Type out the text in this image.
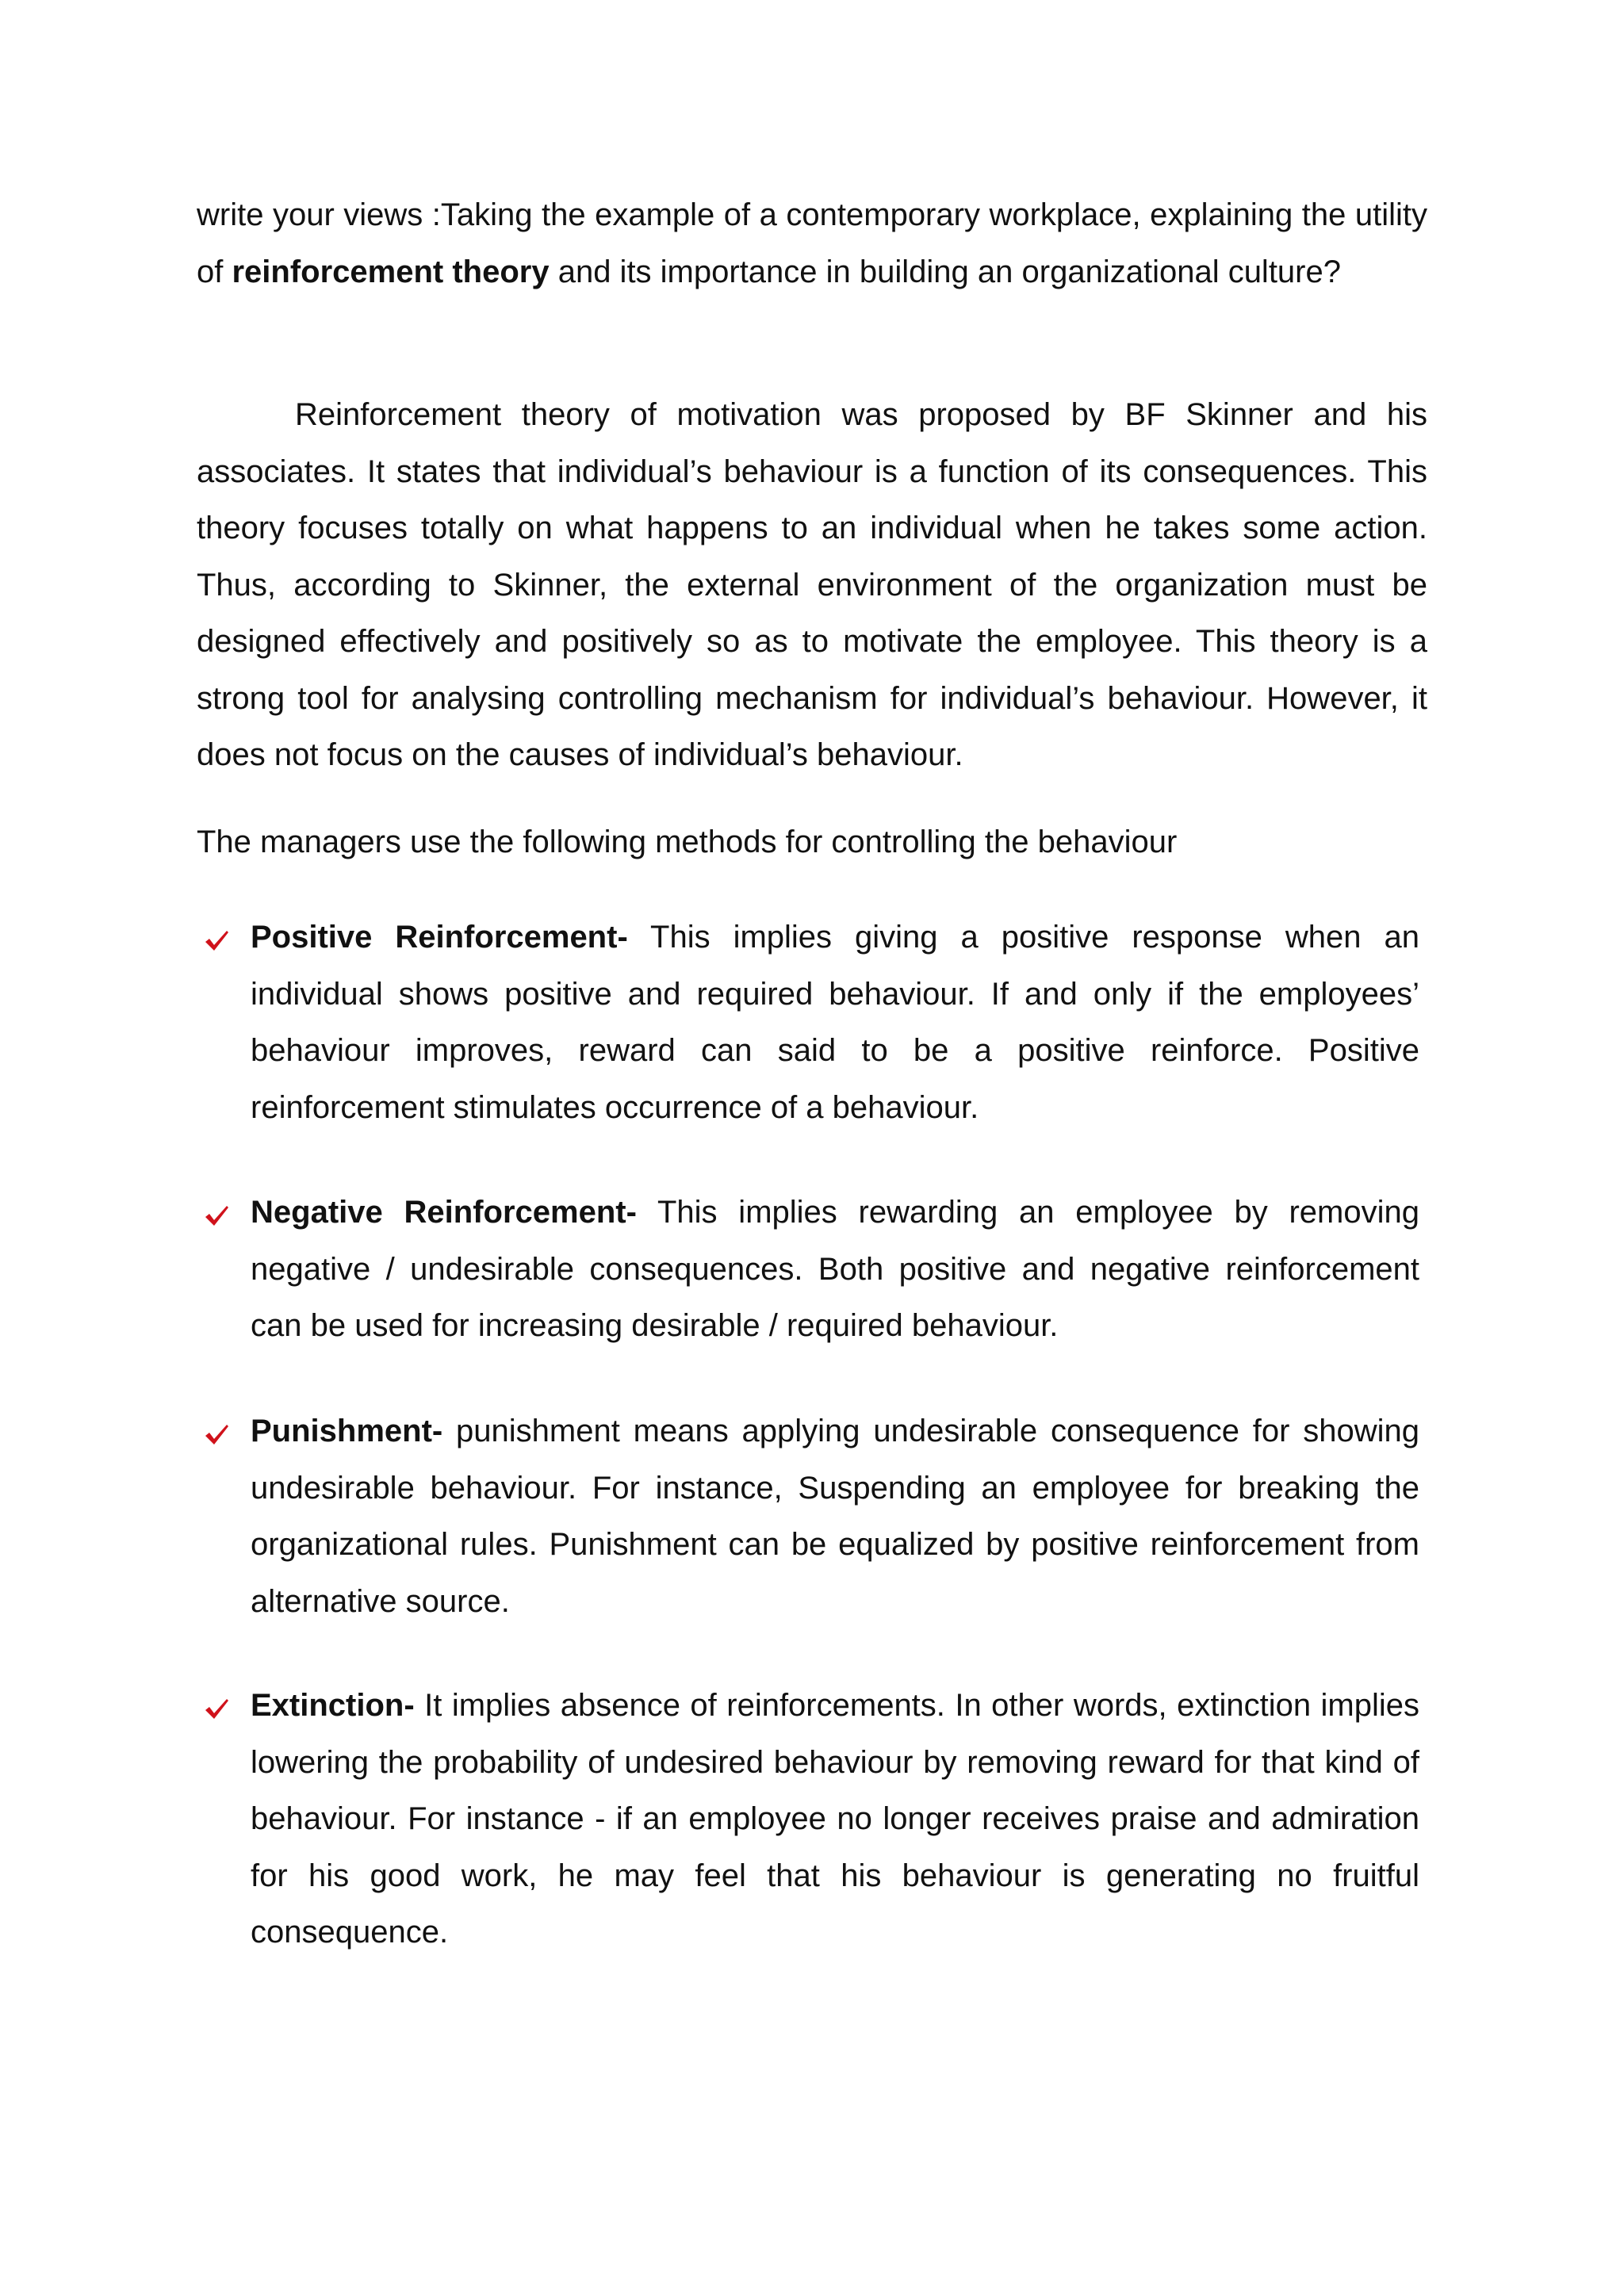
write your views :Taking the example of a contemporary workplace, explaining the utility of reinforcement theory and its importance in building an organizational culture?
Reinforcement theory of motivation was proposed by BF Skinner and his associates. It states that individual’s behaviour is a function of its consequences. This theory focuses totally on what happens to an individual when he takes some action. Thus, according to Skinner, the external environment of the organization must be designed effectively and positively so as to motivate the employee. This theory is a strong tool for analysing controlling mechanism for individual’s behaviour. However, it does not focus on the causes of individual’s behaviour.
The managers use the following methods for controlling the behaviour
Positive Reinforcement- This implies giving a positive response when an individual shows positive and required behaviour. If and only if the employees’ behaviour improves, reward can said to be a positive reinforce. Positive reinforcement stimulates occurrence of a behaviour.
Negative Reinforcement- This implies rewarding an employee by removing negative / undesirable consequences. Both positive and negative reinforcement can be used for increasing desirable / required behaviour.
Punishment- punishment means applying undesirable consequence for showing undesirable behaviour. For instance, Suspending an employee for breaking the organizational rules. Punishment can be equalized by positive reinforcement from alternative source.
Extinction- It implies absence of reinforcements. In other words, extinction implies lowering the probability of undesired behaviour by removing reward for that kind of behaviour. For instance - if an employee no longer receives praise and admiration for his good work, he may feel that his behaviour is generating no fruitful consequence.
